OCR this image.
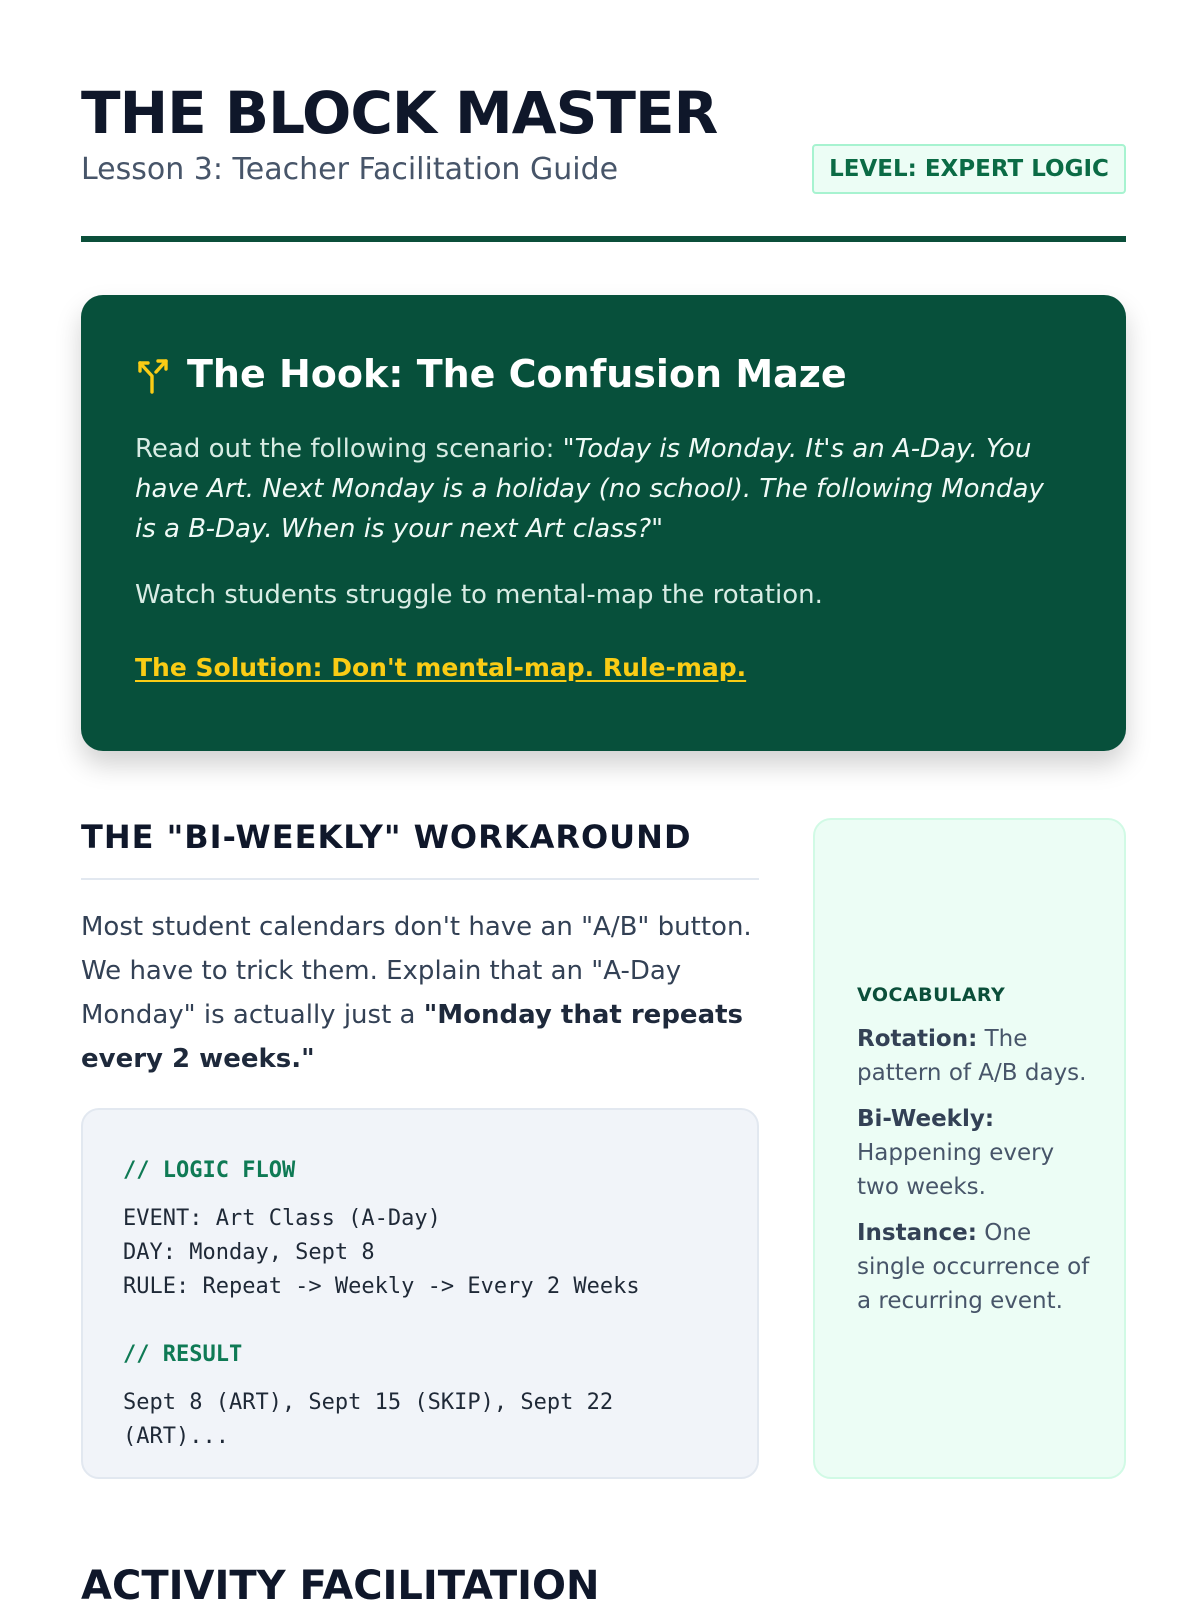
THE BLOCK MASTER
Lesson 3: Teacher Facilitation Guide	LEVEL: EXPERT LOGIC
The Hook: The Confusion Maze

Read out the following scenario: "Today is Monday. It's an A-Day. You have Art. Next Monday is a holiday (no school). The following Monday is a B-Day. When is your next Art class?"

Watch students struggle to mental-map the rotation.

The Solution: Don't mental-map. Rule-map.
THE "BI-WEEKLY" WORKAROUND

Most student calendars don't have an "A/B" button. We have to trick them. Explain that an "A-Day Monday" is actually just a "Monday that repeats every 2 weeks."

// LOGIC FLOW
EVENT: Art Class (A-Day)
DAY: Monday, Sept 8
RULE: Repeat -> Weekly -> Every 2 Weeks
// RESULT
Sept 8 (ART), Sept 15 (SKIP), Sept 22 (ART)...
VOCABULARY

Rotation: The pattern of A/B days.

Bi-Weekly: Happening every two weeks.

Instance: One single occurrence of a recurring event.

ACTIVITY FACILITATION
